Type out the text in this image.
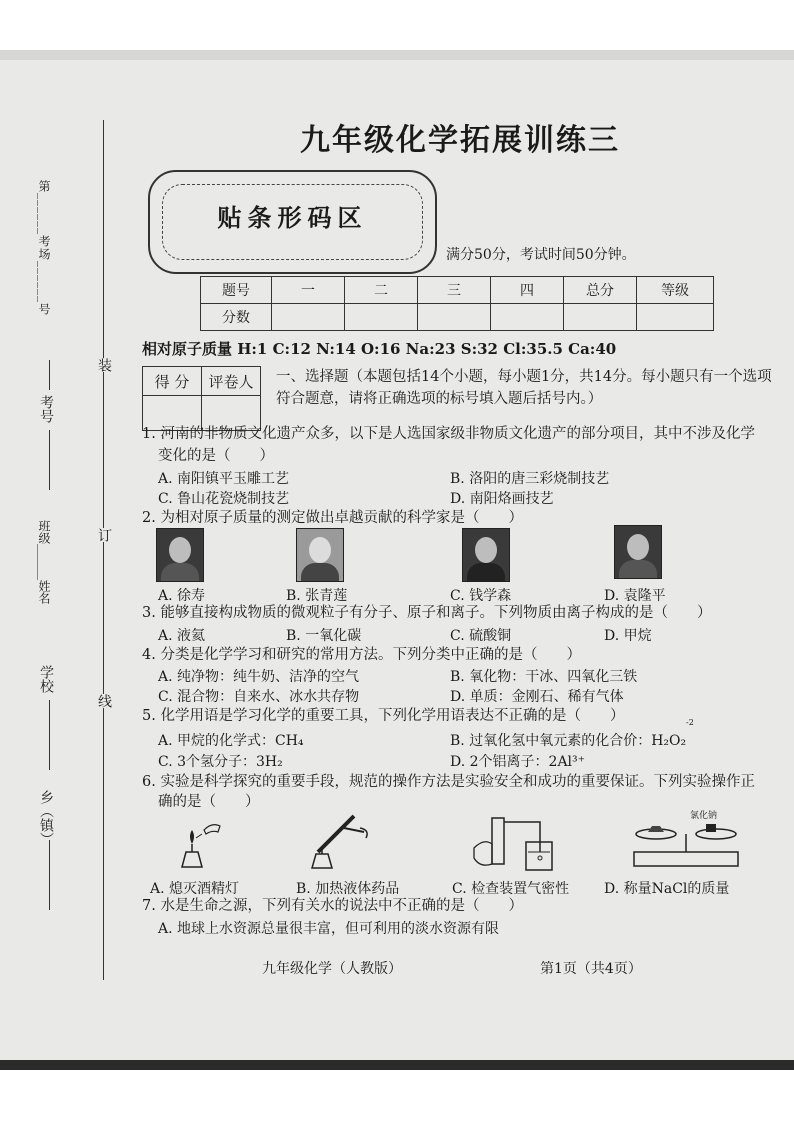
装
订
线
第______考场______号
考号
班级______姓名
学校
乡（镇）
九年级化学拓展训练三
贴条形码区
满分50分，考试时间50分钟。
题号	一	二	三	四	总分	等级
分数						
相对原子质量 H:1 C:12 N:14 O:16 Na:23 S:32 Cl:35.5 Ca:40
得 分	评卷人
	一、选择题（本题包括14个小题，每小题1分，共14分。每小题只有一个选项符合题意，请将正确选项的标号填入题后括号内。）
1. 河南的非物质文化遗产众多，以下是人选国家级非物质文化遗产的部分项目，其中不涉及化学
变化的是（　　）
A. 南阳镇平玉雕工艺	B. 洛阳的唐三彩烧制技艺
C. 鲁山花瓷烧制技艺	D. 南阳烙画技艺
2. 为相对原子质量的测定做出卓越贡献的科学家是（　　）
A. 徐寿	B. 张青莲	C. 钱学森	D. 袁隆平
3. 能够直接构成物质的微观粒子有分子、原子和离子。下列物质由离子构成的是（　　）
A. 液氦	B. 一氧化碳	C. 硫酸铜	D. 甲烷
4. 分类是化学学习和研究的常用方法。下列分类中正确的是（　　）
A. 纯净物：纯牛奶、洁净的空气	B. 氧化物：干冰、四氧化三铁
C. 混合物：自来水、冰水共存物	D. 单质：金刚石、稀有气体
5. 化学用语是学习化学的重要工具，下列化学用语表达不正确的是（　　）
A. 甲烷的化学式：CH₄	B. 过氧化氢中氧元素的化合价：H₂O₂
-2
C. 3个氢分子：3H₂	D. 2个铝离子：2Al³⁺
6. 实验是科学探究的重要手段，规范的操作方法是实验安全和成功的重要保证。下列实验操作正
确的是（　　）
氯化钠
A. 熄灭酒精灯	B. 加热液体药品	C. 检查装置气密性 D. 称量NaCl的质量
7. 水是生命之源，下列有关水的说法中不正确的是（　　）
A. 地球上水资源总量很丰富，但可利用的淡水资源有限
九年级化学（人教版）	第1页（共4页）
